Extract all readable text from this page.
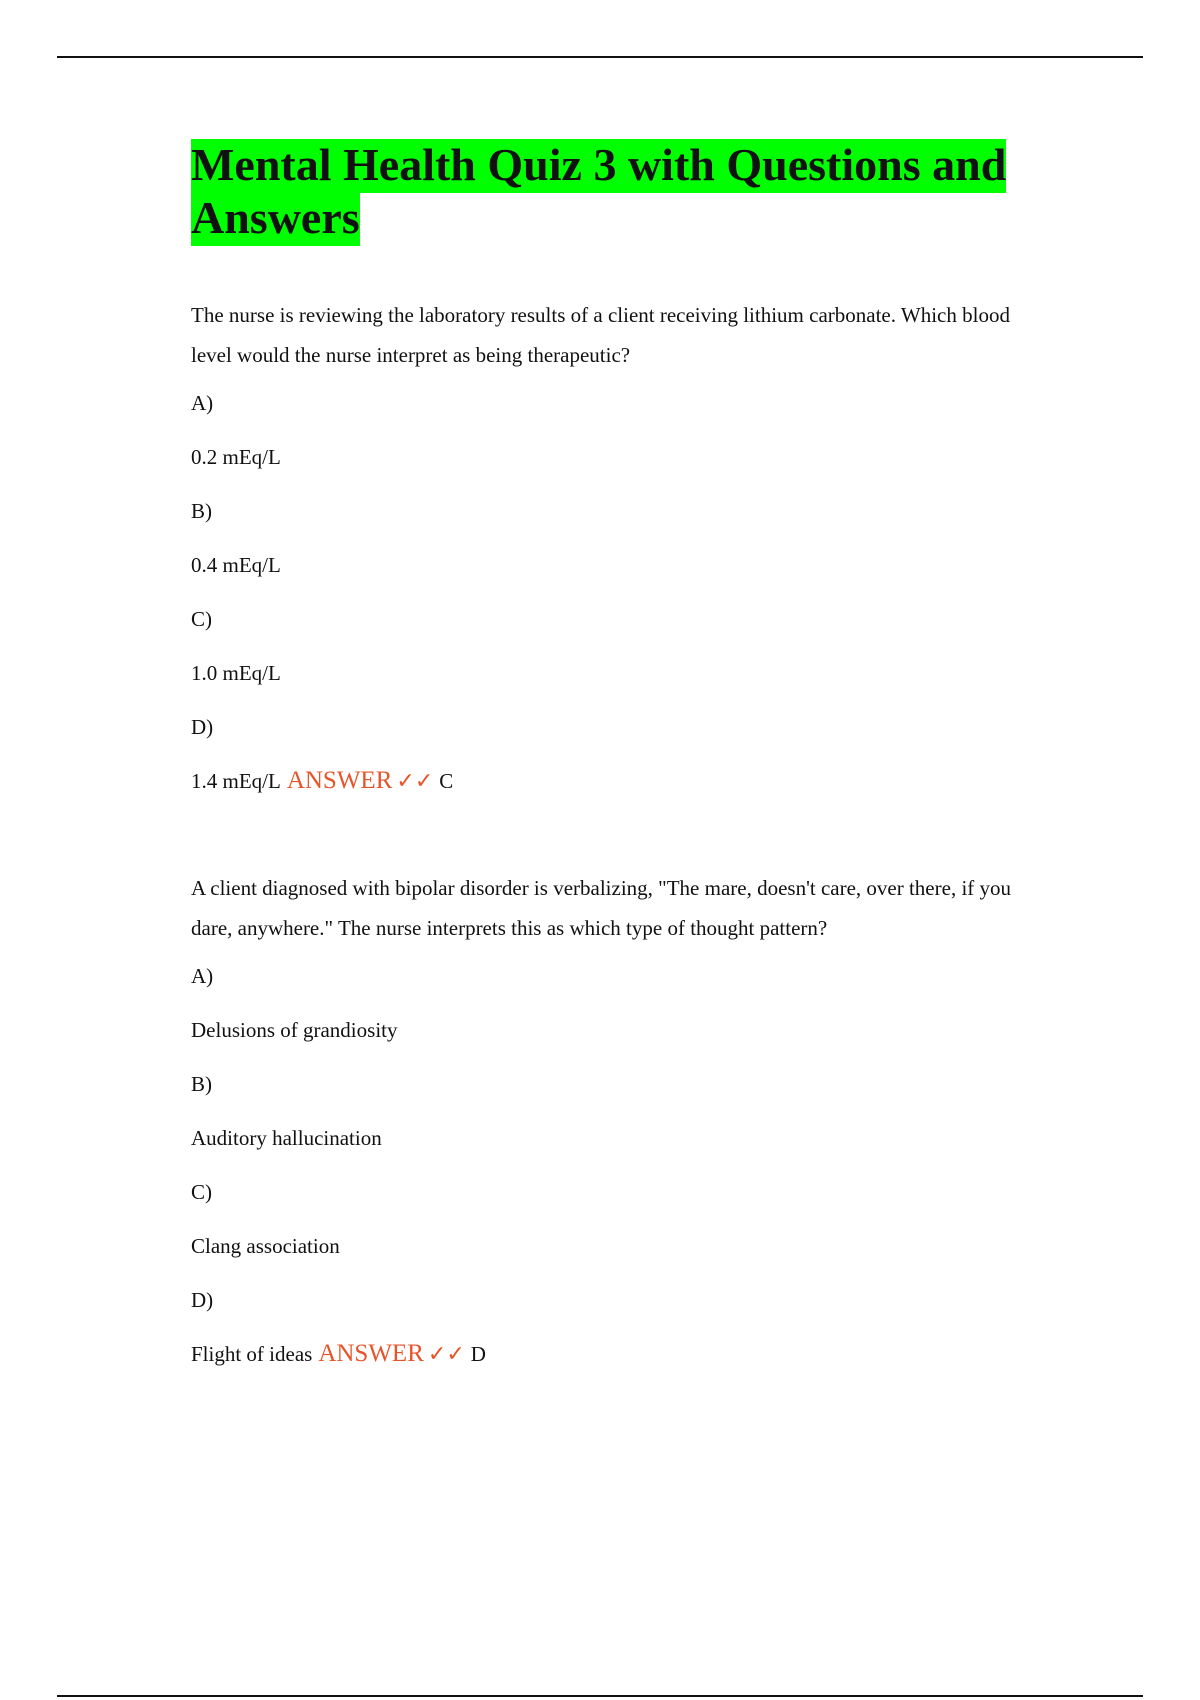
Mental Health Quiz 3 with Questions and Answers

The nurse is reviewing the laboratory results of a client receiving lithium carbonate. Which blood level would the nurse interpret as being therapeutic?

A)

0.2 mEq/L

B)

0.4 mEq/L

C)

1.0 mEq/L

D)

1.4 mEq/L ANSWER ✓✓ C

A client diagnosed with bipolar disorder is verbalizing, "The mare, doesn't care, over there, if you dare, anywhere." The nurse interprets this as which type of thought pattern?

A)

Delusions of grandiosity

B)

Auditory hallucination

C)

Clang association

D)

Flight of ideas ANSWER ✓✓ D
